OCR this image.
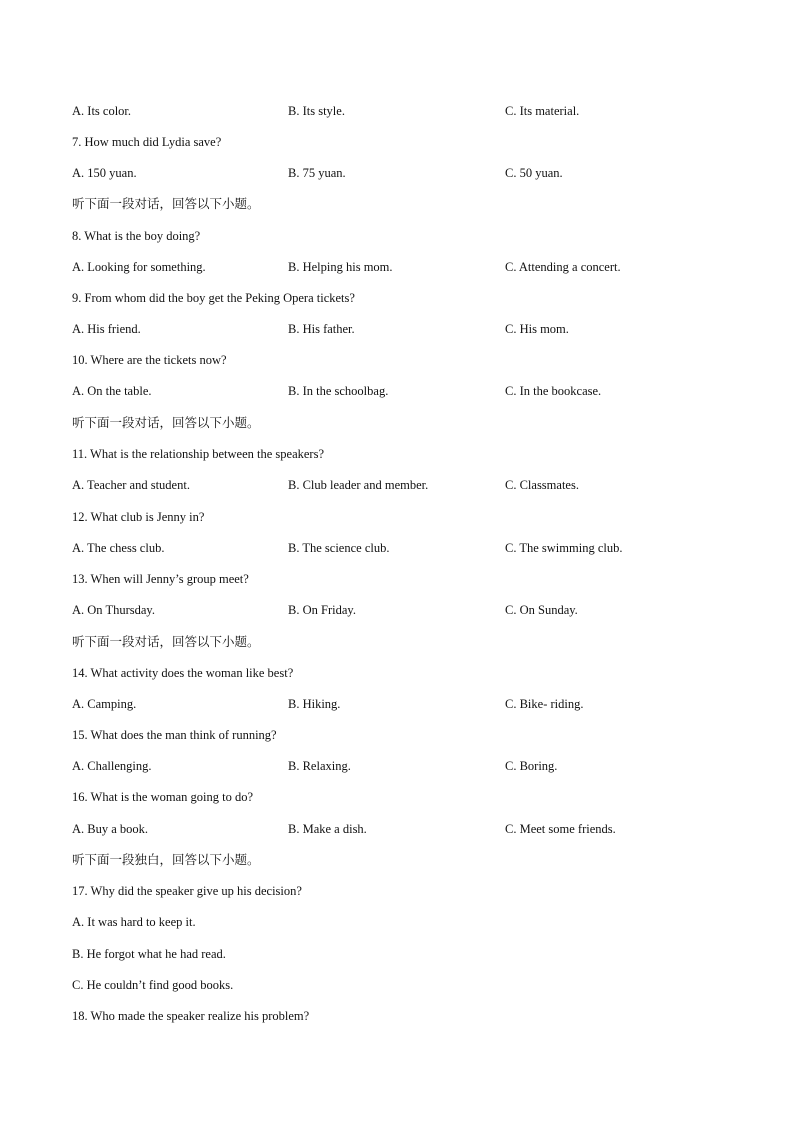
A. Its color.	B. Its style.	C. Its material.
7. How much did Lydia save?
A. 150 yuan.	B. 75 yuan.	C. 50 yuan.
听下面一段对话，回答以下小题。
8. What is the boy doing?
A. Looking for something.	B. Helping his mom.	C. Attending a concert.
9. From whom did the boy get the Peking Opera tickets?
A. His friend.	B. His father.	C. His mom.
10. Where are the tickets now?
A. On the table.	B. In the schoolbag.	C. In the bookcase.
听下面一段对话，回答以下小题。
11. What is the relationship between the speakers?
A. Teacher and student.	B. Club leader and member.	C. Classmates.
12. What club is Jenny in?
A. The chess club.	B. The science club.	C. The swimming club.
13. When will Jenny’s group meet?
A. On Thursday.	B. On Friday.	C. On Sunday.
听下面一段对话，回答以下小题。
14. What activity does the woman like best?
A. Camping.	B. Hiking.	C. Bike- riding.
15. What does the man think of running?
A. Challenging.	B. Relaxing.	C. Boring.
16. What is the woman going to do?
A. Buy a book.	B. Make a dish.	C. Meet some friends.
听下面一段独白，回答以下小题。
17. Why did the speaker give up his decision?
A. It was hard to keep it.
B. He forgot what he had read.
C. He couldn’t find good books.
18. Who made the speaker realize his problem?
